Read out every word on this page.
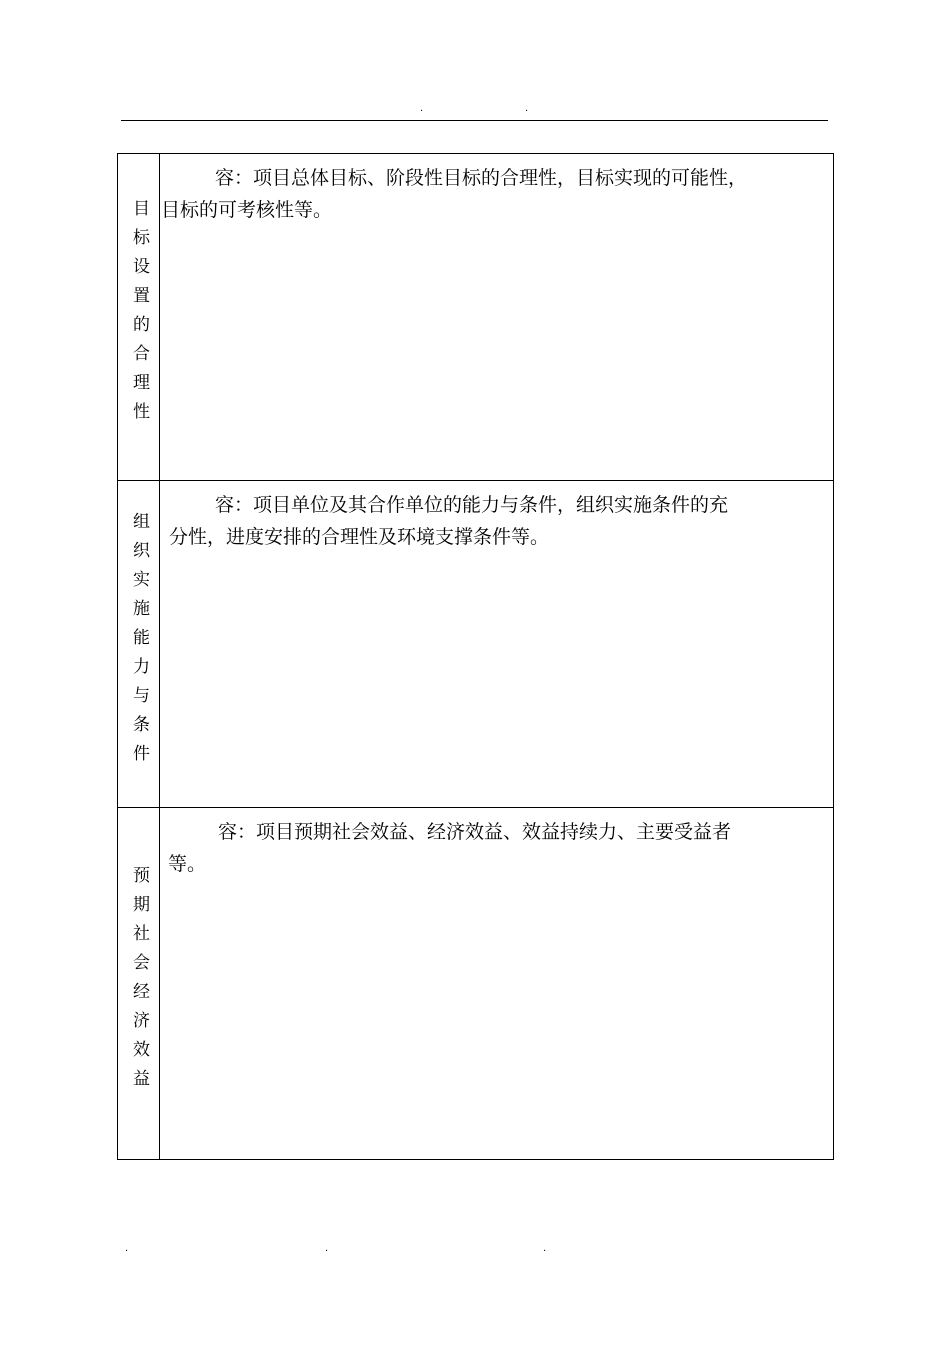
.	.
目标设置的合理性	容：项目总体目标、阶段性目标的合理性，目标实现的可能性，
目标的可考核性等。

组织实施能力与条件	容：项目单位及其合作单位的能力与条件，组织实施条件的充
分性，进度安排的合理性及环境支撑条件等。

预期社会经济效益	容：项目预期社会效益、经济效益、效益持续力、主要受益者
等。
.	.	.
